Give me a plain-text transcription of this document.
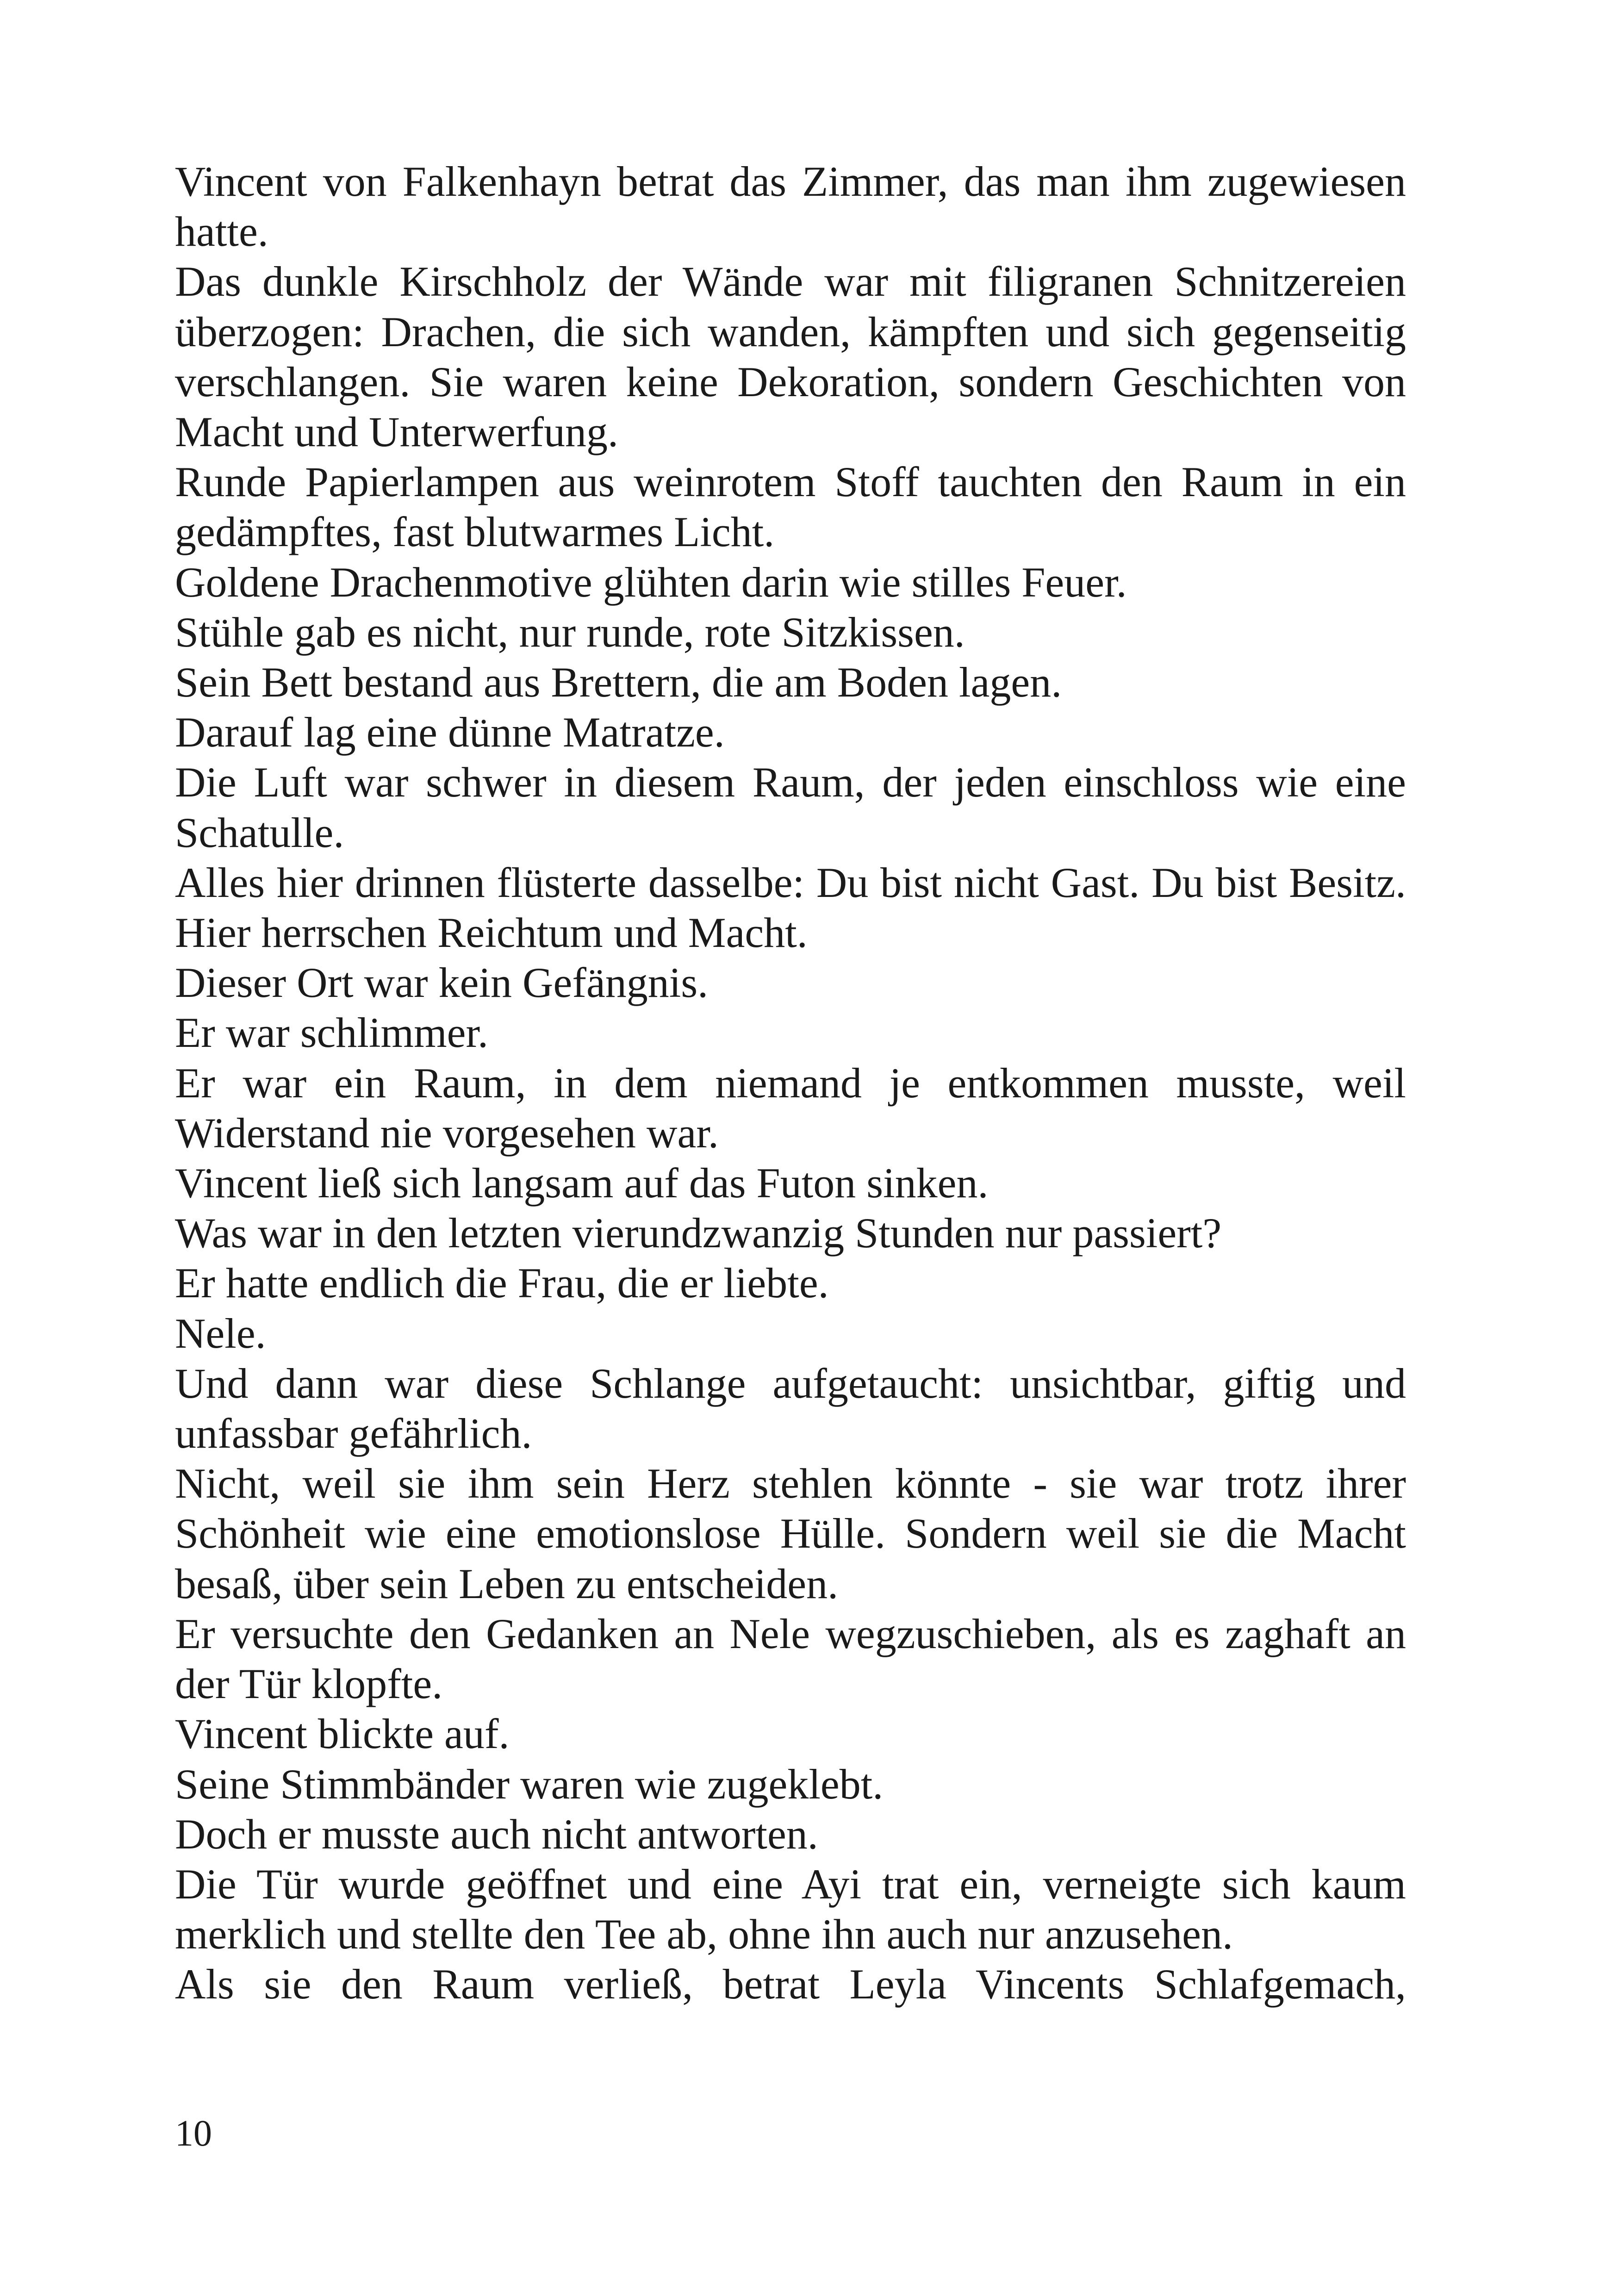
Vincent von Falkenhayn betrat das Zimmer, das man ihm zugewiesen hatte.

Das dunkle Kirschholz der Wände war mit filigranen Schnitzereien überzogen: Drachen, die sich wanden, kämpften und sich gegenseitig verschlangen. Sie waren keine Dekoration, sondern Geschichten von Macht und Unterwerfung.

Runde Papierlampen aus weinrotem Stoff tauchten den Raum in ein gedämpftes, fast blutwarmes Licht.

Goldene Drachenmotive glühten darin wie stilles Feuer.

Stühle gab es nicht, nur runde, rote Sitzkissen.

Sein Bett bestand aus Brettern, die am Boden lagen.

Darauf lag eine dünne Matratze.

Die Luft war schwer in diesem Raum, der jeden einschloss wie eine Schatulle.

Alles hier drinnen flüsterte dasselbe: Du bist nicht Gast. Du bist Besitz. Hier herrschen Reichtum und Macht.

Dieser Ort war kein Gefängnis.

Er war schlimmer.

Er war ein Raum, in dem niemand je entkommen musste, weil Widerstand nie vorgesehen war.

Vincent ließ sich langsam auf das Futon sinken.

Was war in den letzten vierundzwanzig Stunden nur passiert?

Er hatte endlich die Frau, die er liebte.

Nele.

Und dann war diese Schlange aufgetaucht: unsichtbar, giftig und unfassbar gefährlich.

Nicht, weil sie ihm sein Herz stehlen könnte - sie war trotz ihrer Schönheit wie eine emotionslose Hülle. Sondern weil sie die Macht besaß, über sein Leben zu entscheiden.

Er versuchte den Gedanken an Nele wegzuschieben, als es zaghaft an der Tür klopfte.

Vincent blickte auf.

Seine Stimmbänder waren wie zugeklebt.

Doch er musste auch nicht antworten.

Die Tür wurde geöffnet und eine Ayi trat ein, verneigte sich kaum merklich und stellte den Tee ab, ohne ihn auch nur anzusehen.

Als sie den Raum verließ, betrat Leyla Vincents Schlafgemach,

10
